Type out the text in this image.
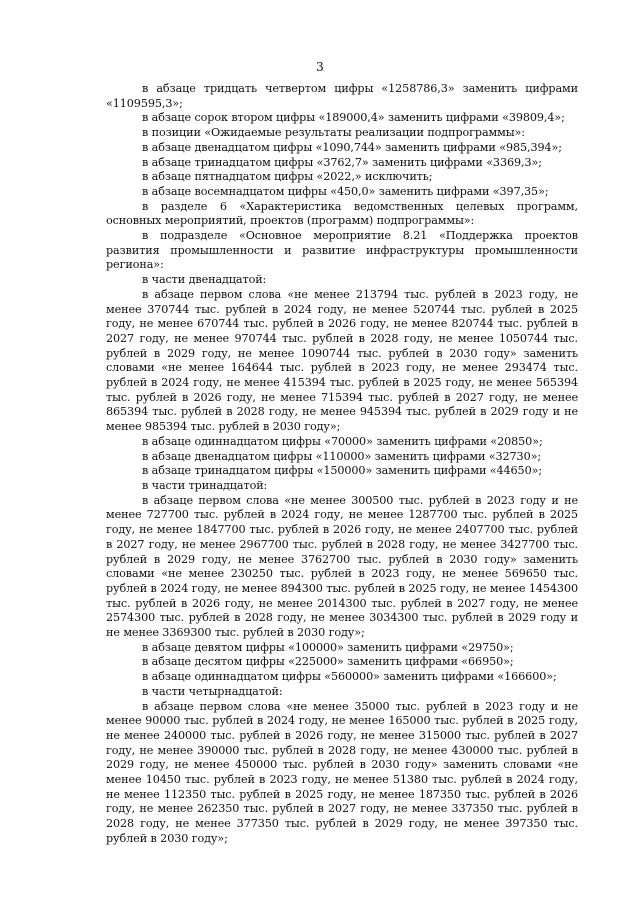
3

в абзаце тридцать четвертом цифры «1258786,3» заменить цифрами «1109595,3»;

в абзаце сорок втором цифры «189000,4» заменить цифрами «39809,4»;

в позиции «Ожидаемые результаты реализации подпрограммы»:

в абзаце двенадцатом цифры «1090,744» заменить цифрами «985,394»;

в абзаце тринадцатом цифры «3762,7» заменить цифрами «3369,3»;

в абзаце пятнадцатом цифры «2022,» исключить;

в абзаце восемнадцатом цифры «450,0» заменить цифрами «397,35»;

в разделе 6 «Характеристика ведомственных целевых программ, основных мероприятий, проектов (программ) подпрограммы»:

в подразделе «Основное мероприятие 8.21 «Поддержка проектов развития промышленности и развитие инфраструктуры промышленности региона»:

в части двенадцатой:

в абзаце первом слова «не менее 213794 тыс. рублей в 2023 году, не менее 370744 тыс. рублей в 2024 году, не менее 520744 тыс. рублей в 2025 году, не менее 670744 тыс. рублей в 2026 году, не менее 820744 тыс. рублей в 2027 году, не менее 970744 тыс. рублей в 2028 году, не менее 1050744 тыс. рублей в 2029 году, не менее 1090744 тыс. рублей в 2030 году» заменить словами «не менее 164644 тыс. рублей в 2023 году, не менее 293474 тыс. рублей в 2024 году, не менее 415394 тыс. рублей в 2025 году, не менее 565394 тыс. рублей в 2026 году, не менее 715394 тыс. рублей в 2027 году, не менее 865394 тыс. рублей в 2028 году, не менее 945394 тыс. рублей в 2029 году и не менее 985394 тыс. рублей в 2030 году»;

в абзаце одиннадцатом цифры «70000» заменить цифрами «20850»;

в абзаце двенадцатом цифры «110000» заменить цифрами «32730»;

в абзаце тринадцатом цифры «150000» заменить цифрами «44650»;

в части тринадцатой:

в абзаце первом слова «не менее 300500 тыс. рублей в 2023 году и не менее 727700 тыс. рублей в 2024 году, не менее 1287700 тыс. рублей в 2025 году, не менее 1847700 тыс. рублей в 2026 году, не менее 2407700 тыс. рублей в 2027 году, не менее 2967700 тыс. рублей в 2028 году, не менее 3427700 тыс. рублей в 2029 году, не менее 3762700 тыс. рублей в 2030 году» заменить словами «не менее 230250 тыс. рублей в 2023 году, не менее 569650 тыс. рублей в 2024 году, не менее 894300 тыс. рублей в 2025 году, не менее 1454300 тыс. рублей в 2026 году, не менее 2014300 тыс. рублей в 2027 году, не менее 2574300 тыс. рублей в 2028 году, не менее 3034300 тыс. рублей в 2029 году и не менее 3369300 тыс. рублей в 2030 году»;

в абзаце девятом цифры «100000» заменить цифрами «29750»;

в абзаце десятом цифры «225000» заменить цифрами «66950»;

в абзаце одиннадцатом цифры «560000» заменить цифрами «166600»;

в части четырнадцатой:

в абзаце первом слова «не менее 35000 тыс. рублей в 2023 году и не менее 90000 тыс. рублей в 2024 году, не менее 165000 тыс. рублей в 2025 году, не менее 240000 тыс. рублей в 2026 году, не менее 315000 тыс. рублей в 2027 году, не менее 390000 тыс. рублей в 2028 году, не менее 430000 тыс. рублей в 2029 году, не менее 450000 тыс. рублей в 2030 году» заменить словами «не менее 10450 тыс. рублей в 2023 году, не менее 51380 тыс. рублей в 2024 году, не менее 112350 тыс. рублей в 2025 году, не менее 187350 тыс. рублей в 2026 году, не менее 262350 тыс. рублей в 2027 году, не менее 337350 тыс. рублей в 2028 году, не менее 377350 тыс. рублей в 2029 году, не менее 397350 тыс. рублей в 2030 году»;
